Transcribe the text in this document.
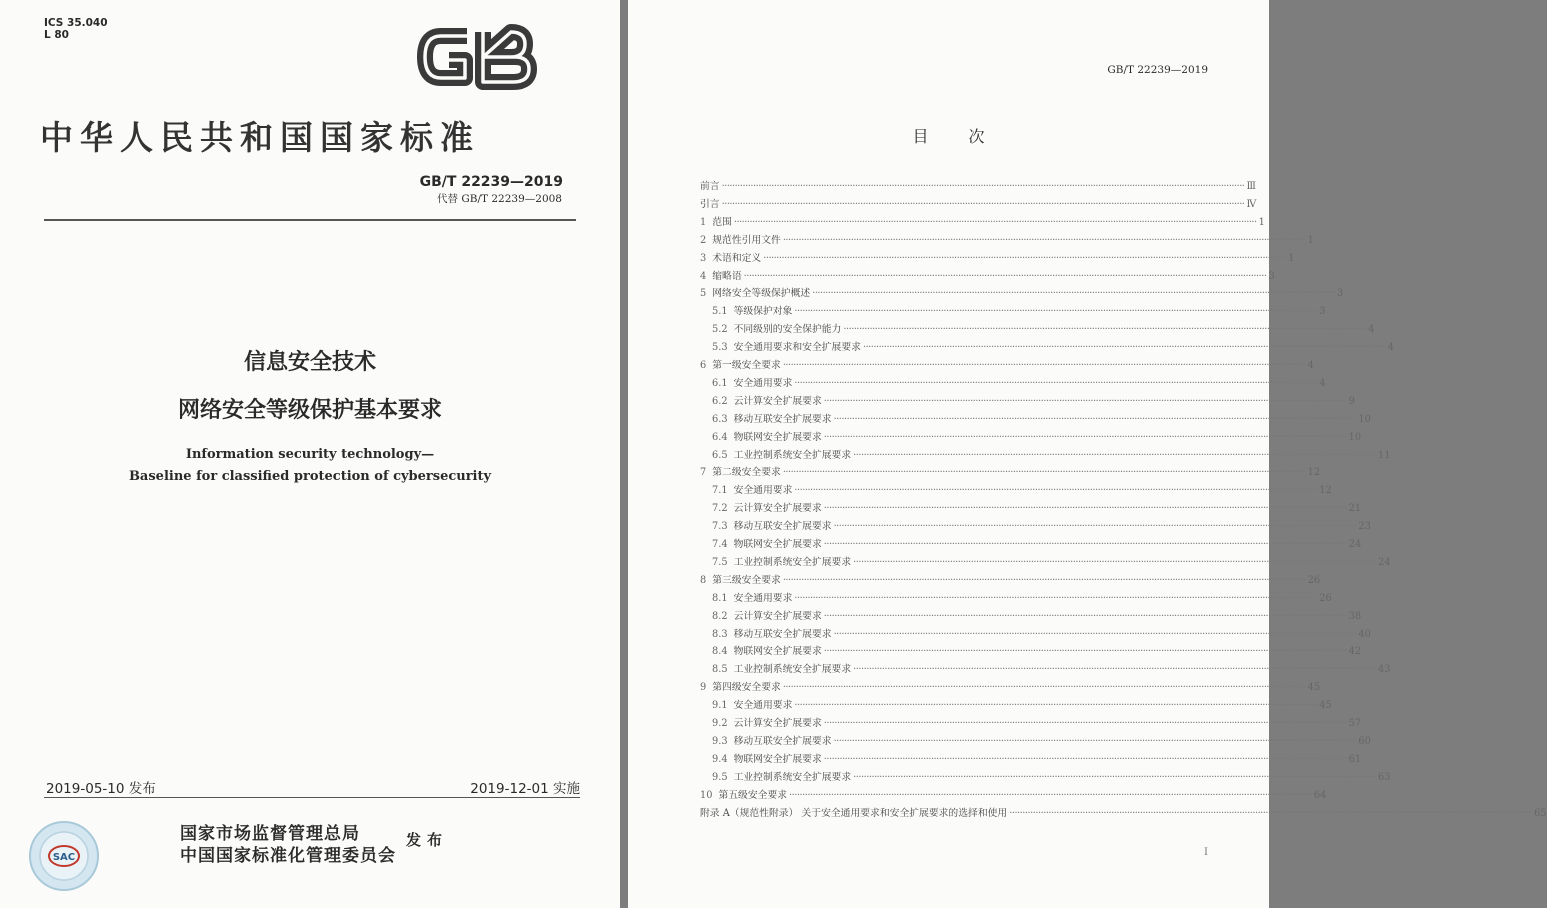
ICS 35.040
L 80
中华人民共和国国家标准
GB/T 22239—2019
代替 GB/T 22239—2008
信息安全技术
网络安全等级保护基本要求
Information security technology—
Baseline for classified protection of cybersecurity
2019-05-10 发布	2019-12-01 实施
SAC
国家市场监督管理总局
中国国家标准化管理委员会
发布
GB/T 22239—2019
目次
前言 ········································································································································································································ Ⅲ
引言 ········································································································································································································ Ⅳ
1 范围 ········································································································································································································ 1
2 规范性引用文件 ········································································································································································································ 1
3 术语和定义 ········································································································································································································ 1
4 缩略语 ········································································································································································································ 3
5 网络安全等级保护概述 ········································································································································································································ 3
5.1 等级保护对象 ········································································································································································································ 3
5.2 不同级别的安全保护能力 ········································································································································································································ 4
5.3 安全通用要求和安全扩展要求 ········································································································································································································ 4
6 第一级安全要求 ········································································································································································································ 4
6.1 安全通用要求 ········································································································································································································ 4
6.2 云计算安全扩展要求 ········································································································································································································ 9
6.3 移动互联安全扩展要求 ········································································································································································································ 10
6.4 物联网安全扩展要求 ········································································································································································································ 10
6.5 工业控制系统安全扩展要求 ········································································································································································································ 11
7 第二级安全要求 ········································································································································································································ 12
7.1 安全通用要求 ········································································································································································································ 12
7.2 云计算安全扩展要求 ········································································································································································································ 21
7.3 移动互联安全扩展要求 ········································································································································································································ 23
7.4 物联网安全扩展要求 ········································································································································································································ 24
7.5 工业控制系统安全扩展要求 ········································································································································································································ 24
8 第三级安全要求 ········································································································································································································ 26
8.1 安全通用要求 ········································································································································································································ 26
8.2 云计算安全扩展要求 ········································································································································································································ 38
8.3 移动互联安全扩展要求 ········································································································································································································ 40
8.4 物联网安全扩展要求 ········································································································································································································ 42
8.5 工业控制系统安全扩展要求 ········································································································································································································ 43
9 第四级安全要求 ········································································································································································································ 45
9.1 安全通用要求 ········································································································································································································ 45
9.2 云计算安全扩展要求 ········································································································································································································ 57
9.3 移动互联安全扩展要求 ········································································································································································································ 60
9.4 物联网安全扩展要求 ········································································································································································································ 61
9.5 工业控制系统安全扩展要求 ········································································································································································································ 63
10 第五级安全要求 ········································································································································································································ 64
附录 A（规范性附录） 关于安全通用要求和安全扩展要求的选择和使用 ········································································································································································································ 65
I
